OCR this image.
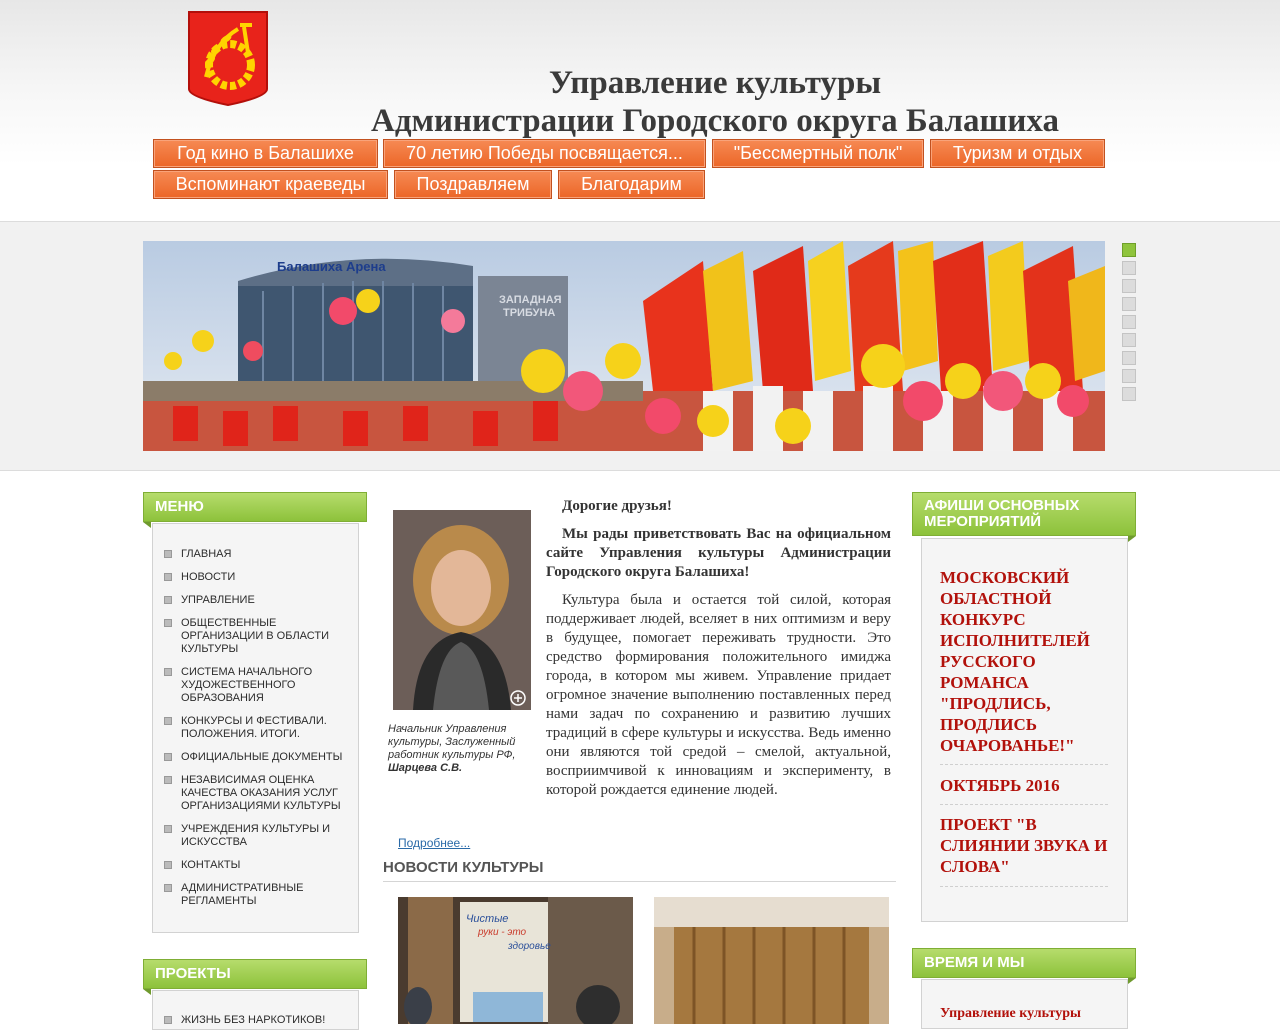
Управление культуры
Администрации Городского округа Балашиха
Год кино в Балашихе	70 летию Победы посвящается...	"Бессмертный полк"	Туризм и отдых
Вспоминают краеведы	Поздравляем	Благодарим
Балашиха Арена
ЗАПАДНАЯ
ТРИБУНА
МЕНЮ
ГЛАВНАЯ
НОВОСТИ
УПРАВЛЕНИЕ
ОБЩЕСТВЕННЫЕ ОРГАНИЗАЦИИ В ОБЛАСТИ КУЛЬТУРЫ
СИСТЕМА НАЧАЛЬНОГО ХУДОЖЕСТВЕННОГО ОБРАЗОВАНИЯ
КОНКУРСЫ И ФЕСТИВАЛИ. ПОЛОЖЕНИЯ. ИТОГИ.
ОФИЦИАЛЬНЫЕ ДОКУМЕНТЫ
НЕЗАВИСИМАЯ ОЦЕНКА КАЧЕСТВА ОКАЗАНИЯ УСЛУГ ОРГАНИЗАЦИЯМИ КУЛЬТУРЫ
УЧРЕЖДЕНИЯ КУЛЬТУРЫ И ИСКУССТВА
КОНТАКТЫ
АДМИНИСТРАТИВНЫЕ РЕГЛАМЕНТЫ
ПРОЕКТЫ
ЖИЗНЬ БЕЗ НАРКОТИКОВ!
Начальник Управления культуры, Заслуженный работник культуры РФ, Шарцева С.В.

Дорогие друзья!

Мы рады приветствовать Вас на официальном сайте Управления культуры Администрации Городского округа Балашиха!

Культура была и остается той силой, которая поддерживает людей, вселяет в них оптимизм и веру в будущее, помогает переживать трудности. Это средство формирования положительного имиджа города, в котором мы живем. Управление придает огромное значение выполнению поставленных перед нами задач по сохранению и развитию лучших традиций в сфере культуры и искусства. Ведь именно они являются той средой – смелой, актуальной, восприимчивой к инновациям и эксперименту, в которой рождается единение людей.

Подробнее...
НОВОСТИ КУЛЬТУРЫ
Чистые
руки - это
здоровье
АФИШИ ОСНОВНЫХ МЕРОПРИЯТИЙ
МОСКОВСКИЙ ОБЛАСТНОЙ КОНКУРС ИСПОЛНИТЕЛЕЙ РУССКОГО РОМАНСА "ПРОДЛИСЬ, ПРОДЛИСЬ ОЧАРОВАНЬЕ!"
ОКТЯБРЬ 2016
ПРОЕКТ "В СЛИЯНИИ ЗВУКА И СЛОВА"
ВРЕМЯ И МЫ
Управление культуры
